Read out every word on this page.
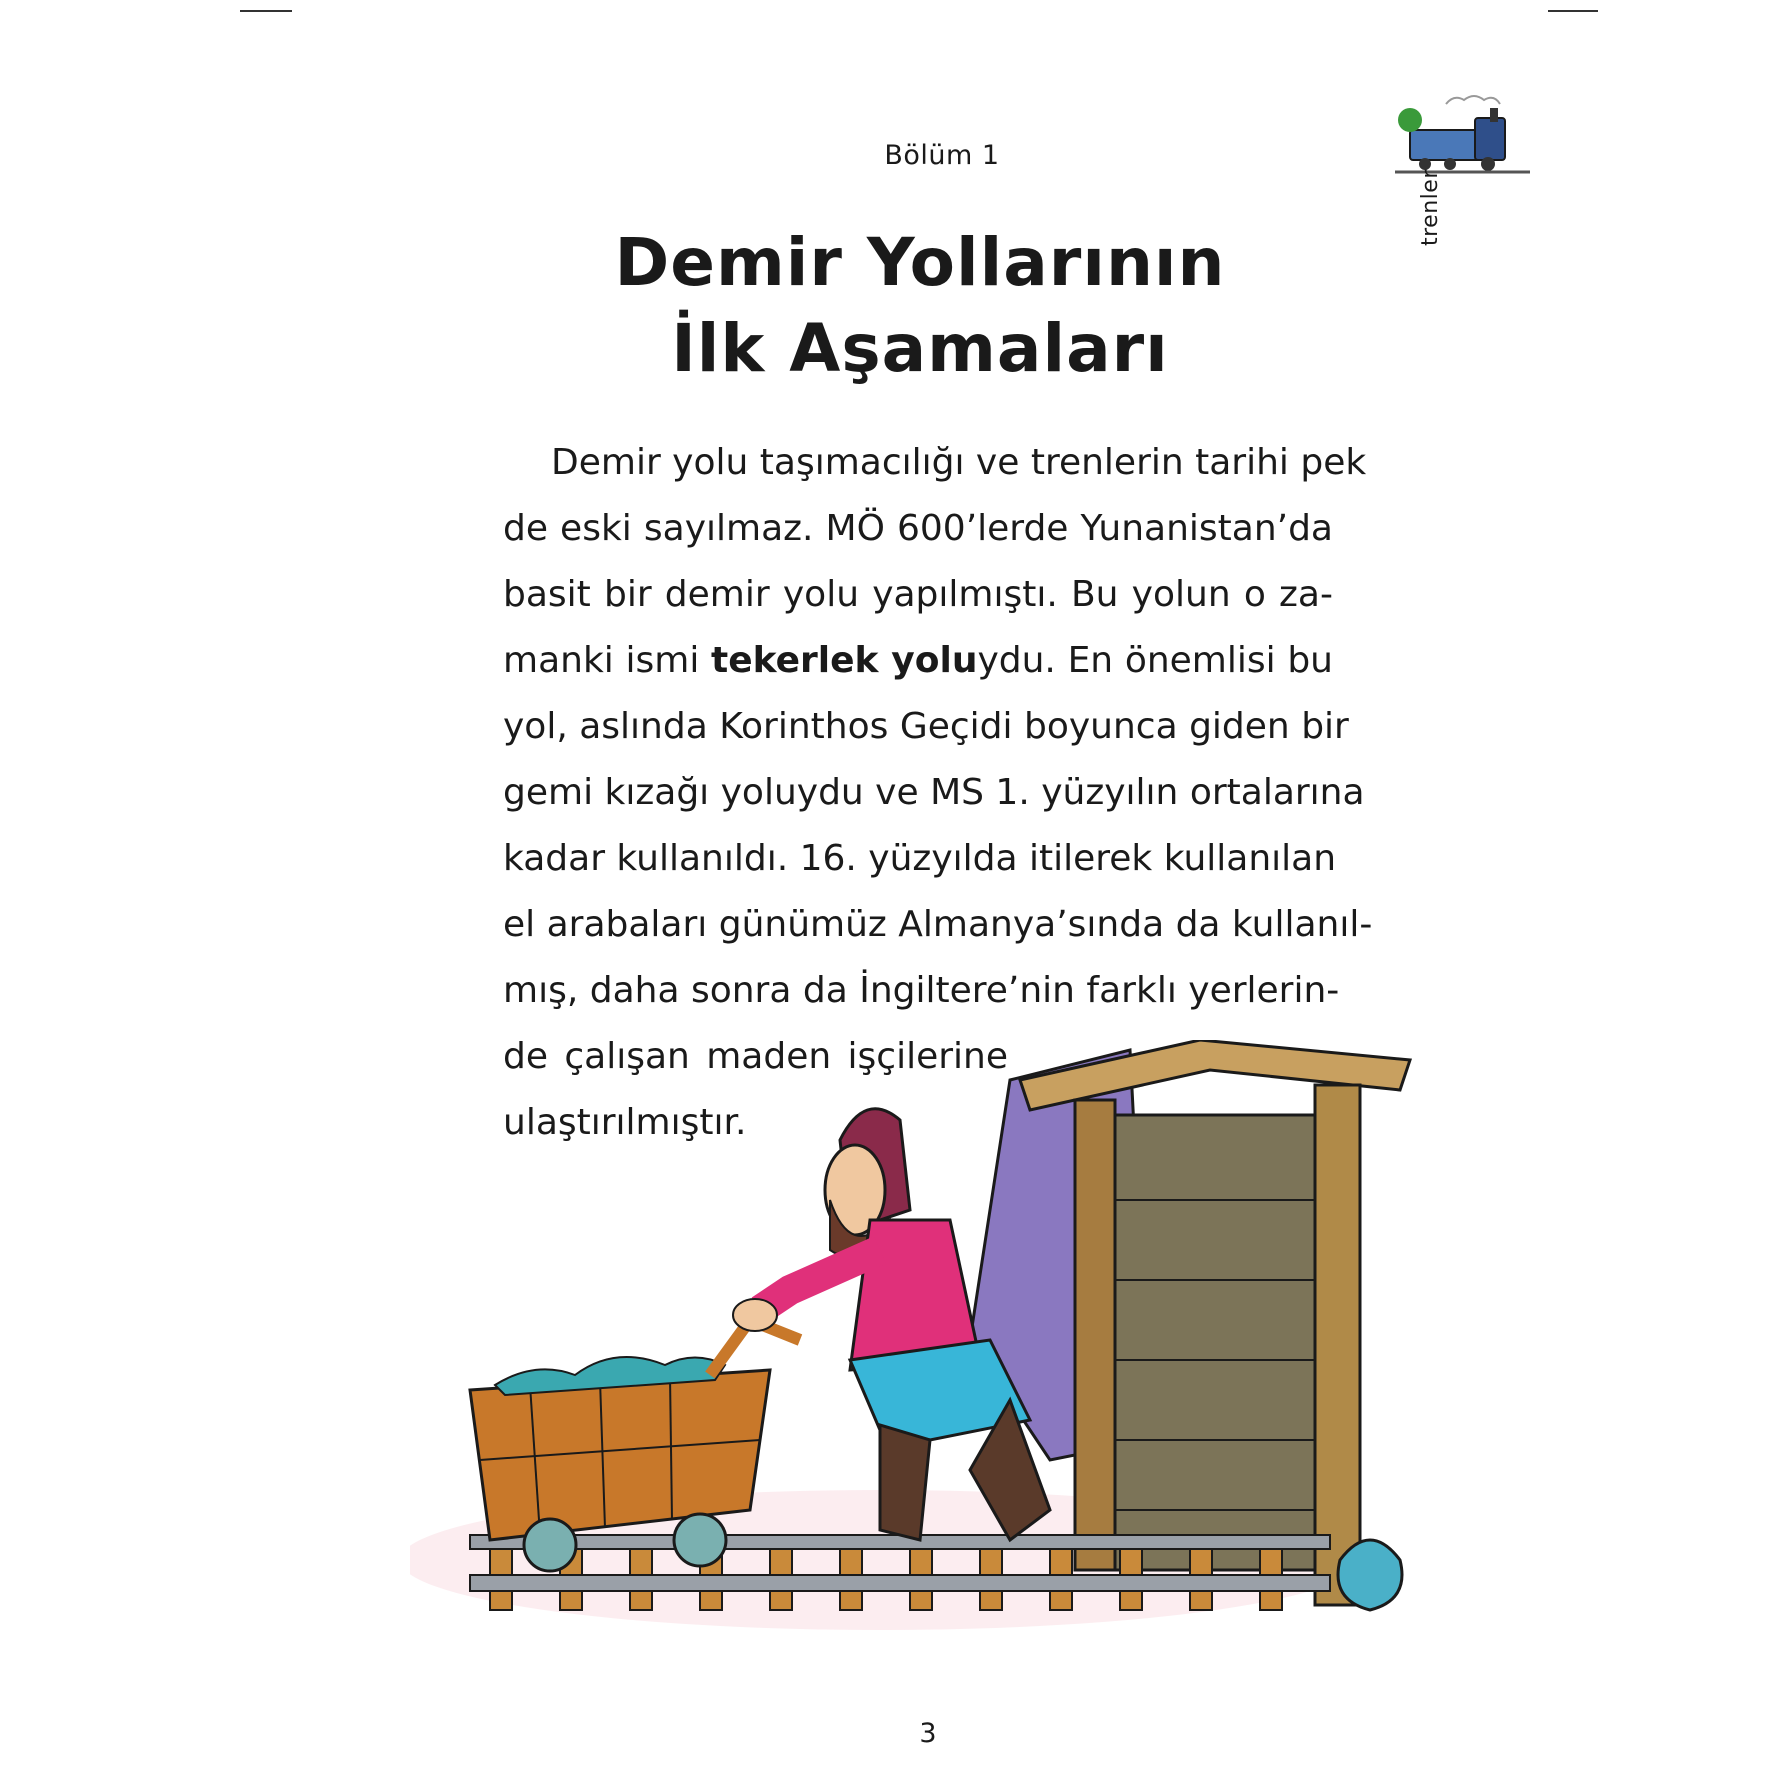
Bölüm 1
Demir Yollarının
İlk Aşamaları
trenler
Demir yolu taşımacılığı ve trenlerin tarihi pek
de eski sayılmaz. MÖ 600’lerde Yunanistan’da
basit bir demir yolu yapılmıştı. Bu yolun o za-
manki ismi tekerlek yoluydu. En önemlisi bu
yol, aslında Korinthos Geçidi boyunca giden bir
gemi kızağı yoluydu ve MS 1. yüzyılın ortalarına
kadar kullanıldı. 16. yüzyılda itilerek kullanılan
el arabaları günümüz Almanya’sında da kullanıl-
mış, daha sonra da İngiltere’nin farklı yerlerin-
de çalışan maden işçilerine
ulaştırılmıştır.
3
